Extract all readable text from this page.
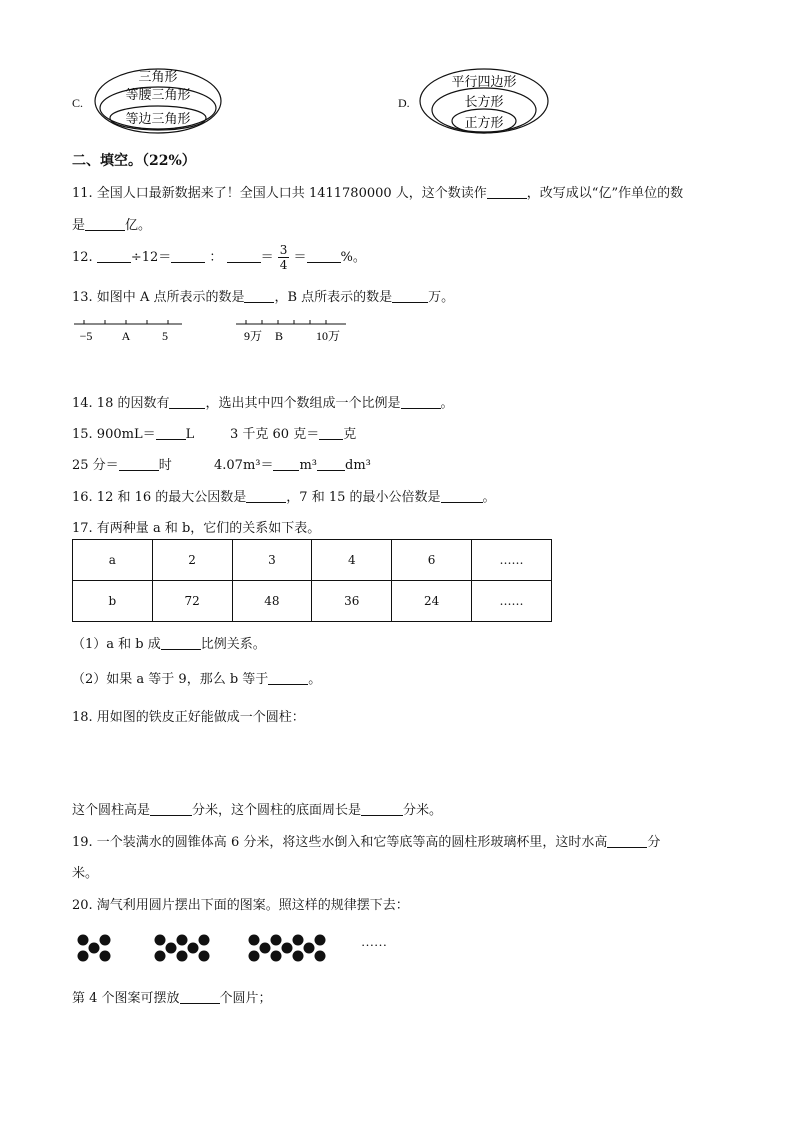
C.
三角形
等腰三角形
等边三角形
D.
平行四边形
长方形
正方形
二、填空。（22%）
11. 全国人口最新数据来了！全国人口共 1411780000 人，这个数读作	，改写成以“亿”作单位的数
是	亿。
12.	÷12＝	：	＝ $\frac{3}{4}$ ＝	%。
13. 如图中 A 点所表示的数是 ，B 点所表示的数是	万。
−5 A	5	9万 B	10万
14. 18 的因数有	，选出其中四个数组成一个比例是	。
15. 900mL＝ L	3 千克 60 克＝ 克
25 分＝	时	4.07m³＝ m³ dm³
16. 12 和 16 的最大公因数是	，7 和 15 的最小公倍数是	。
17. 有两种量 a 和 b，它们的关系如下表。
a	2	3	4	6	……
b	72	48	36	24	……
（1）a 和 b 成	比例关系。
（2）如果 a 等于 9，那么 b 等于	。
18. 用如图的铁皮正好能做成一个圆柱：
这个圆柱高是	分米，这个圆柱的底面周长是	分米。
19. 一个装满水的圆锥体高 6 分米，将这些水倒入和它等底等高的圆柱形玻璃杯里，这时水高	分
米。
20. 淘气利用圆片摆出下面的图案。照这样的规律摆下去：
……
第 4 个图案可摆放	个圆片；
